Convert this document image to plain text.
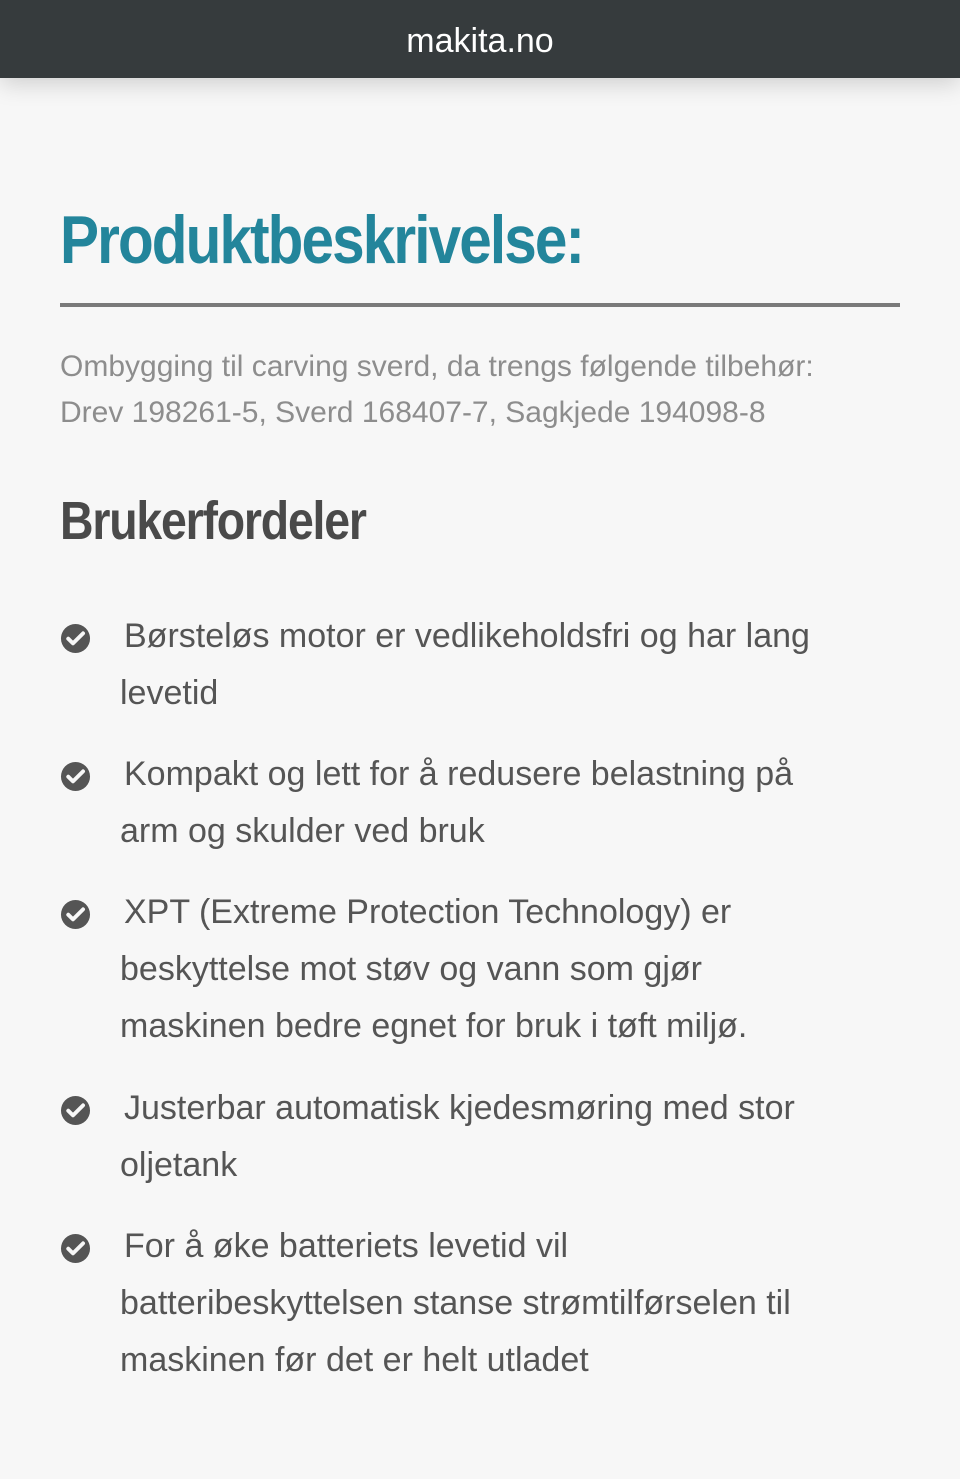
makita.no
Produktbeskrivelse:

Ombygging til carving sverd, da trengs følgende tilbehør:
Drev 198261-5, Sverd 168407-7, Sagkjede 194098-8

Brukerfordeler

Børsteløs motor er vedlikeholdsfri og har lang
levetid

Kompakt og lett for å redusere belastning på
arm og skulder ved bruk

XPT (Extreme Protection Technology) er
beskyttelse mot støv og vann som gjør
maskinen bedre egnet for bruk i tøft miljø.

Justerbar automatisk kjedesmøring med stor
oljetank

For å øke batteriets levetid vil
batteribeskyttelsen stanse strømtilførselen til
maskinen før det er helt utladet
